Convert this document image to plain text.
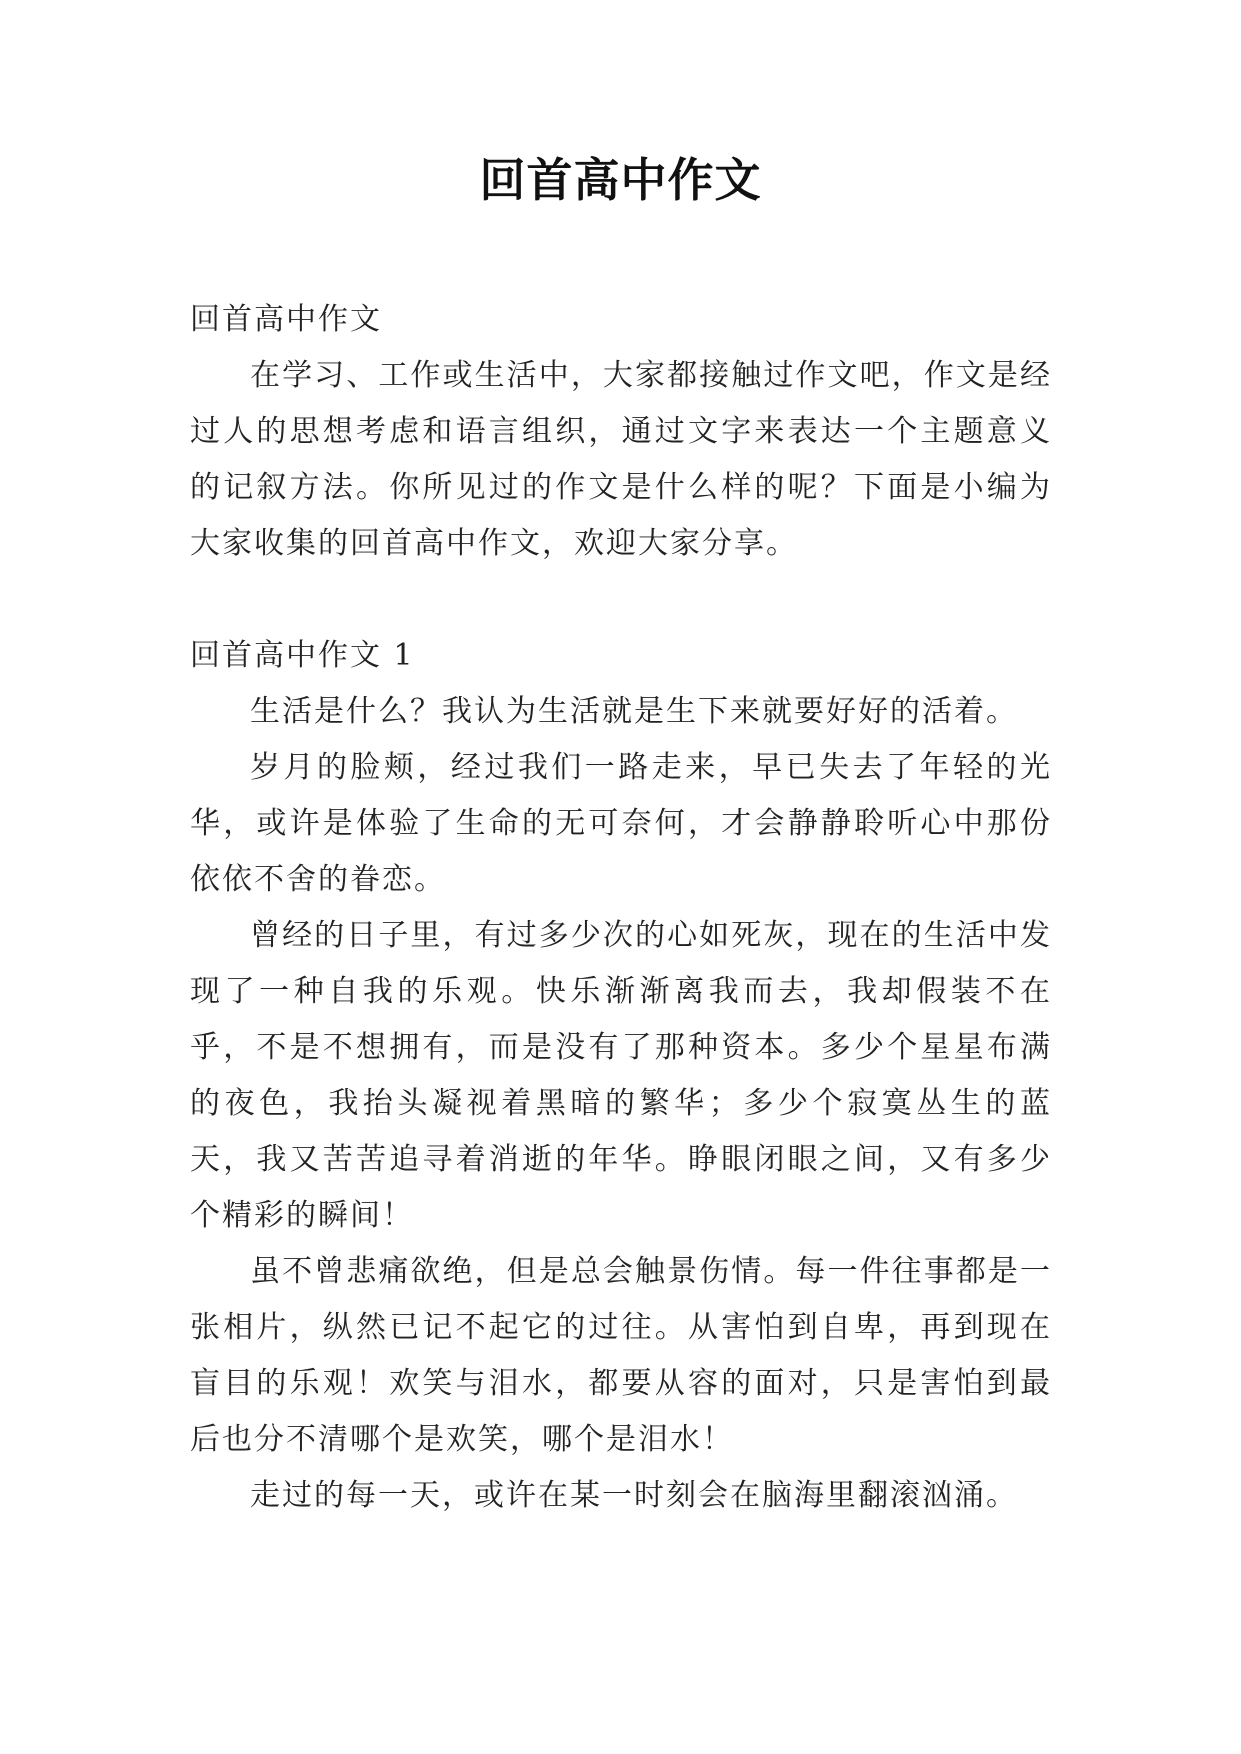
回首高中作文

回首高中作文

在学习、工作或生活中，大家都接触过作文吧，作文是经过人的思想考虑和语言组织，通过文字来表达一个主题意义的记叙方法。你所见过的作文是什么样的呢？下面是小编为大家收集的回首高中作文，欢迎大家分享。

回首高中作文 1

生活是什么？我认为生活就是生下来就要好好的活着。

岁月的脸颊，经过我们一路走来，早已失去了年轻的光华，或许是体验了生命的无可奈何，才会静静聆听心中那份依依不舍的眷恋。

曾经的日子里，有过多少次的心如死灰，现在的生活中发现了一种自我的乐观。快乐渐渐离我而去，我却假装不在乎，不是不想拥有，而是没有了那种资本。多少个星星布满的夜色，我抬头凝视着黑暗的繁华；多少个寂寞丛生的蓝天，我又苦苦追寻着消逝的年华。睁眼闭眼之间，又有多少个精彩的瞬间！

虽不曾悲痛欲绝，但是总会触景伤情。每一件往事都是一张相片，纵然已记不起它的过往。从害怕到自卑，再到现在盲目的乐观！欢笑与泪水，都要从容的面对，只是害怕到最后也分不清哪个是欢笑，哪个是泪水！

走过的每一天，或许在某一时刻会在脑海里翻滚汹涌。
